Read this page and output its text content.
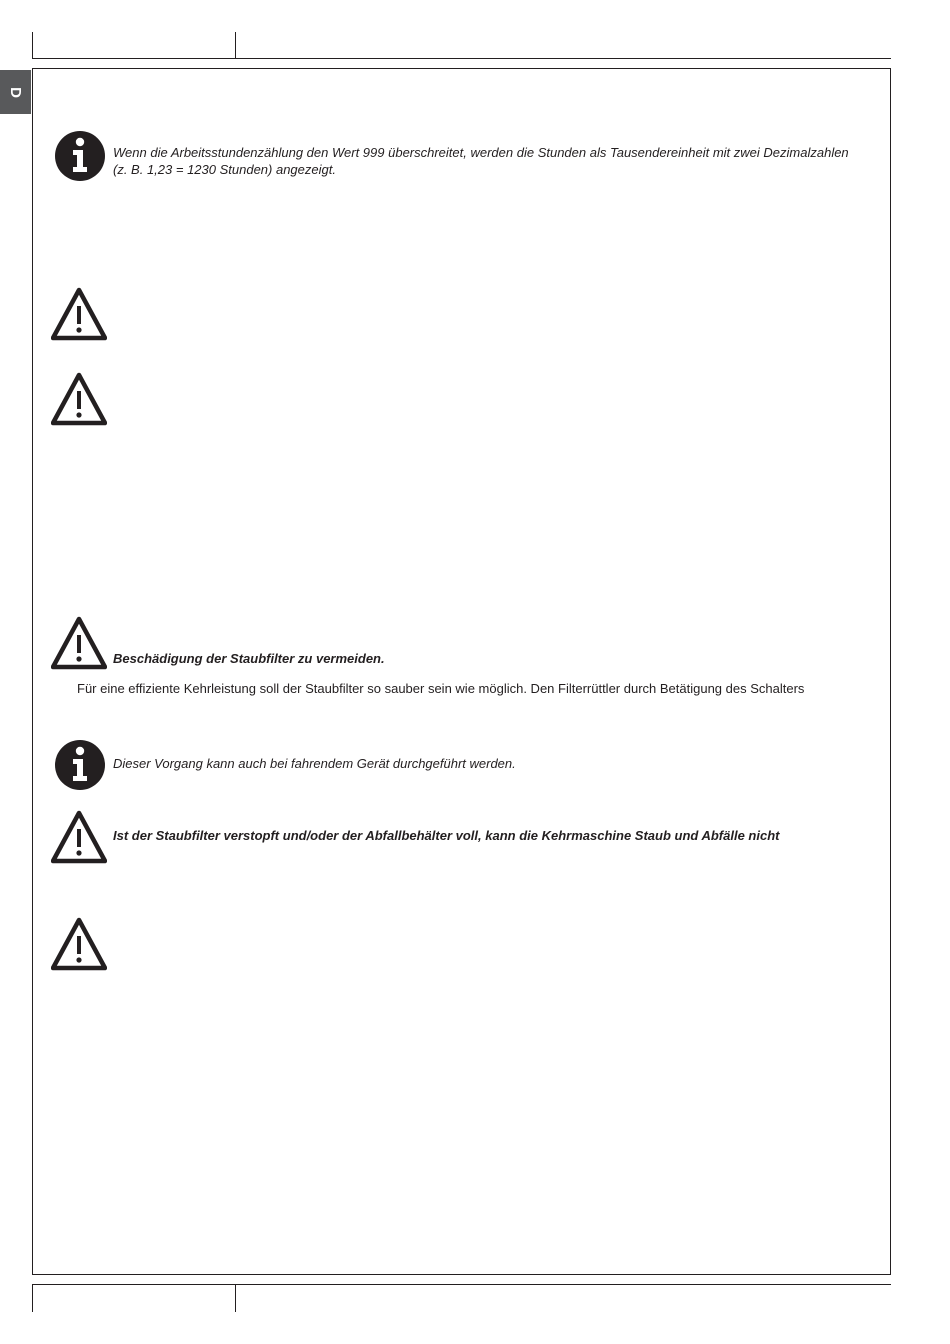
D
Wenn die Arbeitsstundenzählung den Wert 999 überschreitet, werden die Stunden als Tausendereinheit mit zwei Dezimalzahlen (z. B. 1,23 = 1230 Stunden) angezeigt.
Beschädigung der Staubfilter zu vermeiden.
Für eine effiziente Kehrleistung soll der Staubfilter so sauber sein wie möglich. Den Filterrüttler durch Betätigung des Schalters
Dieser Vorgang kann auch bei fahrendem Gerät durchgeführt werden.
Ist der Staubfilter verstopft und/oder der Abfallbehälter voll, kann die Kehrmaschine Staub und Abfälle nicht
